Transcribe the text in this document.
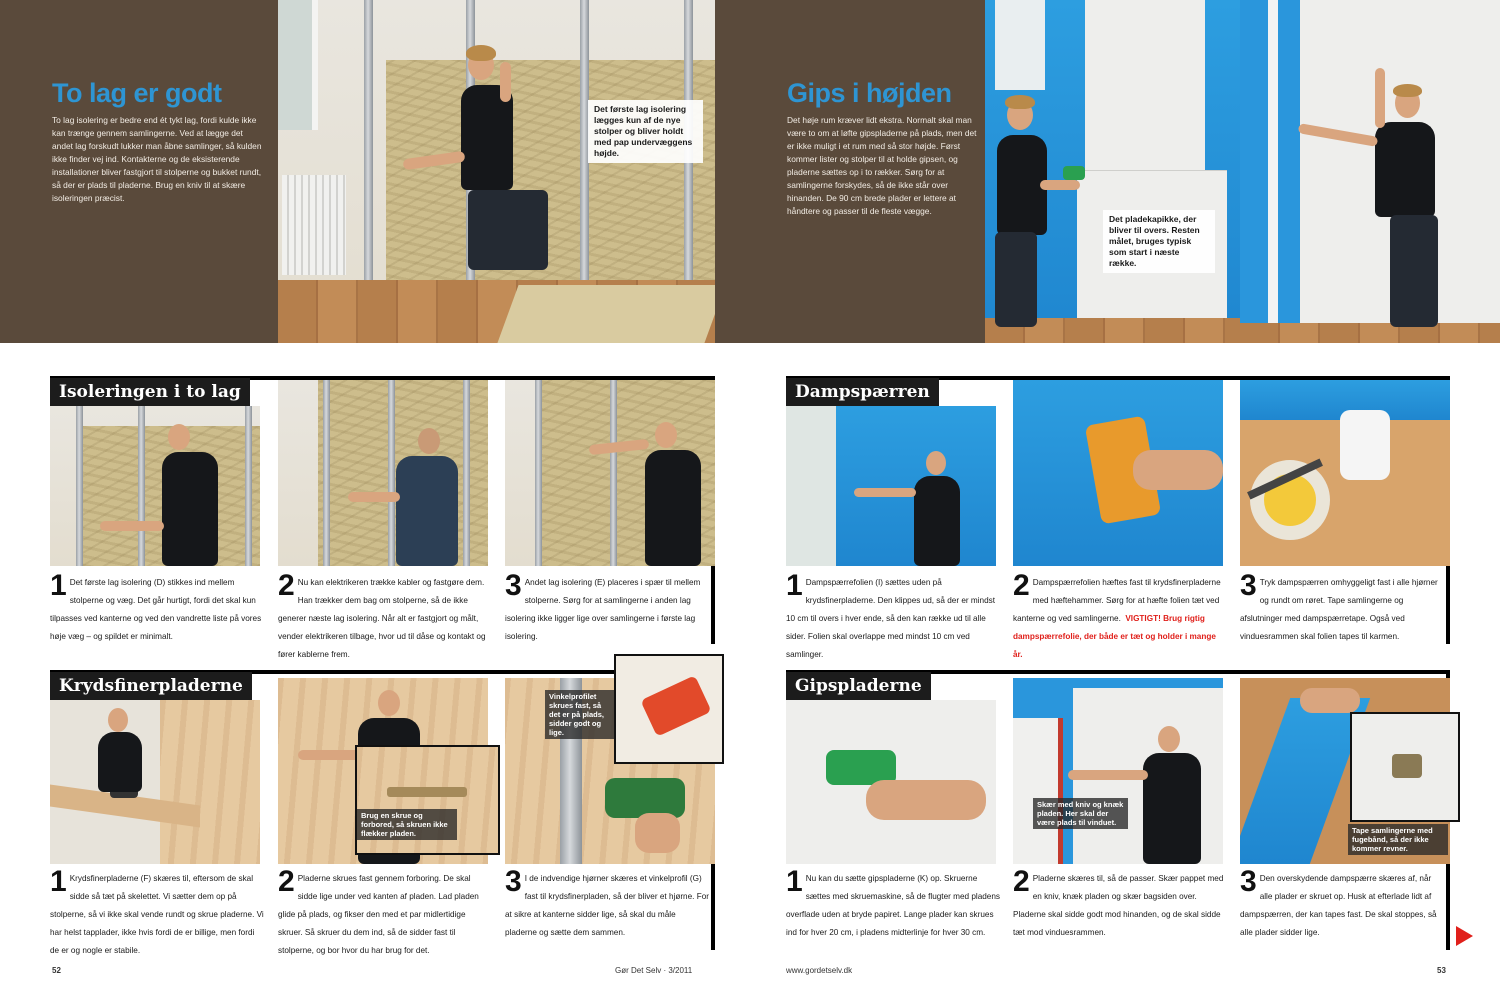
To lag er godt
To lag isolering er bedre end ét tykt lag, fordi kulde ikke kan trænge gennem samlingerne. Ved at lægge det andet lag forskudt lukker man åbne samlinger, så kulden ikke finder vej ind. Kontakterne og de eksisterende installationer bliver fastgjort til stolperne og bukket rundt, så der er plads til pladerne. Brug en kniv til at skære isoleringen præcist.
Det første lag isolering lægges kun af de nye stolper og bliver holdt med pap undervæggens højde.
Gips i højden
Det høje rum kræver lidt ekstra. Normalt skal man være to om at løfte gipspladerne på plads, men det er ikke muligt i et rum med så stor højde. Først kommer lister og stolper til at holde gipsen, og pladerne sættes op i to rækker. Sørg for at samlingerne forskydes, så de ikke står over hinanden. De 90 cm brede plader er lettere at håndtere og passer til de fleste vægge.
Det pladekapikke, der bliver til overs. Resten målet, bruges typisk som start i næste række.
Isoleringen i to lag
1 Det første lag isolering (D) stikkes ind mellem stolperne og væg. Det går hurtigt, fordi det skal kun tilpasses ved kanterne og ved den vandrette liste på vores høje væg – og spildet er minimalt.
2 Nu kan elektrikeren trække kabler og fastgøre dem. Han trækker dem bag om stolperne, så de ikke generer næste lag isolering. Når alt er fastgjort og målt, vender elektrikeren tilbage, hvor ud til dåse og kontakt og fører kablerne frem.
3 Andet lag isolering (E) placeres i spær til mellem stolperne. Sørg for at samlingerne i anden lag isolering ikke ligger lige over samlingerne i første lag isolering.
Krydsfinerpladerne
Brug en skrue og forbored, så skruen ikke flækker pladen.
Vinkelprofilet skrues fast, så det er på plads, sidder godt og lige.
1 Krydsfinerpladerne (F) skæres til, eftersom de skal sidde så tæt på skelettet. Vi sætter dem op på stolperne, så vi ikke skal vende rundt og skrue pladerne. Vi har helst tapplader, ikke hvis fordi de er billige, men fordi de er og nogle er stabile.
2 Pladerne skrues fast gennem forboring. De skal sidde lige under ved kanten af pladen. Lad pladen glide på plads, og fikser den med et par midlertidige skruer. Så skruer du dem ind, så de sidder fast til stolperne, og bor hvor du har brug for det.
3 I de indvendige hjørner skæres et vinkelprofil (G) fast til krydsfinerpladen, så der bliver et hjørne. For at sikre at kanterne sidder lige, så skal du måle pladerne og sætte dem sammen.
Dampspærren
1 Dampspærrefolien (I) sættes uden på krydsfinerpladerne. Den klippes ud, så der er mindst 10 cm til overs i hver ende, så den kan række ud til alle sider. Folien skal overlappe med mindst 10 cm ved samlinger.
2 Dampspærrefolien hæftes fast til krydsfinerpladerne med hæftehammer. Sørg for at hæfte folien tæt ved kanterne og ved samlingerne. VIGTIGT! Brug rigtig dampspærrefolie, der både er tæt og holder i mange år.
3 Tryk dampspærren omhyggeligt fast i alle hjørner og rundt om røret. Tape samlingerne og afslutninger med dampspærretape. Også ved vinduesrammen skal folien tapes til karmen.
Gipspladerne
Skær med kniv og knæk pladen. Her skal der være plads til vinduet.
Tape samlingerne med fugebånd, så der ikke kommer revner.
1 Nu kan du sætte gipspladerne (K) op. Skruerne sættes med skruemaskine, så de flugter med pladens overflade uden at bryde papiret. Lange plader kan skrues ind for hver 20 cm, i pladens midterlinje for hver 30 cm.
2 Pladerne skæres til, så de passer. Skær pappet med en kniv, knæk pladen og skær bagsiden over. Pladerne skal sidde godt mod hinanden, og de skal sidde tæt mod vinduesrammen.
3 Den overskydende dampspærre skæres af, når alle plader er skruet op. Husk at efterlade lidt af dampspærren, der kan tapes fast. De skal stoppes, så alle plader sidder lige.
52	Gør Det Selv · 3/2011	www.gordetselv.dk	53
